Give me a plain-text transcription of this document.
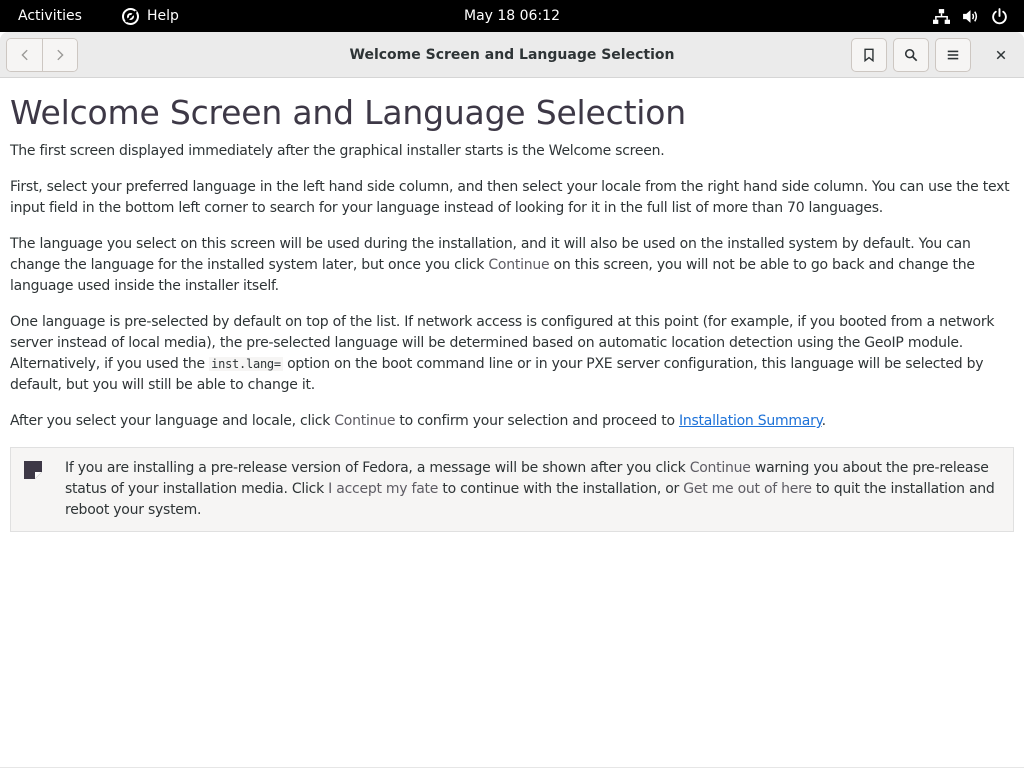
Activities	Help	May 18 06:12
Welcome Screen and Language Selection
Welcome Screen and Language Selection

The first screen displayed immediately after the graphical installer starts is the Welcome screen.

First, select your preferred language in the left hand side column, and then select your locale from the right hand side column. You can use the text input field in the bottom left corner to search for your language instead of looking for it in the full list of more than 70 languages.

The language you select on this screen will be used during the installation, and it will also be used on the installed system by default. You can change the language for the installed system later, but once you click Continue on this screen, you will not be able to go back and change the language used inside the installer itself.

One language is pre-selected by default on top of the list. If network access is configured at this point (for example, if you booted from a network server instead of local media), the pre-selected language will be determined based on automatic location detection using the GeoIP module. Alternatively, if you used the inst.lang= option on the boot command line or in your PXE server configuration, this language will be selected by default, but you will still be able to change it.

After you select your language and locale, click Continue to confirm your selection and proceed to Installation Summary.

If you are installing a pre-release version of Fedora, a message will be shown after you click Continue warning you about the pre-release status of your installation media. Click I accept my fate to continue with the installation, or Get me out of here to quit the installation and reboot your system.
